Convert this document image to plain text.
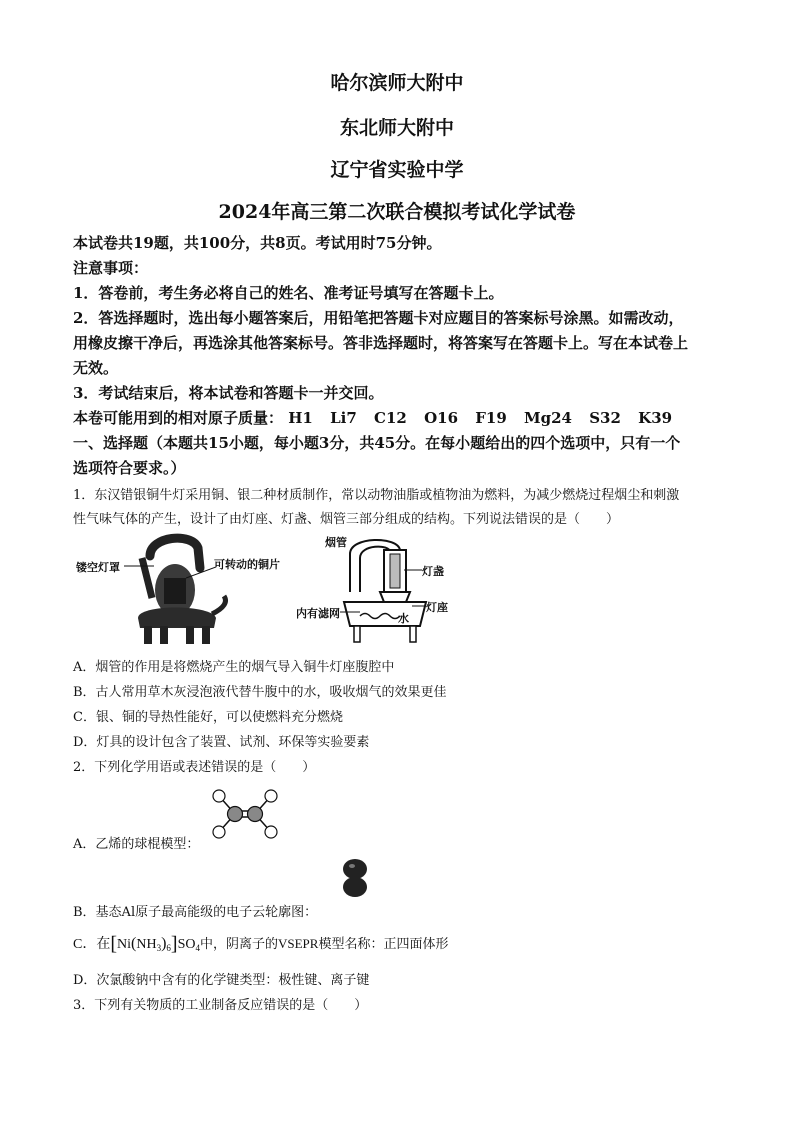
哈尔滨师大附中
东北师大附中
辽宁省实验中学
2024年高三第二次联合模拟考试化学试卷
本试卷共19题，共100分，共8页。考试用时75分钟。
注意事项：
1．答卷前，考生务必将自己的姓名、准考证号填写在答题卡上。
2．答选择题时，选出每小题答案后，用铅笔把答题卡对应题目的答案标号涂黑。如需改动，
用橡皮擦干净后，再选涂其他答案标号。答非选择题时，将答案写在答题卡上。写在本试卷上
无效。
3．考试结束后，将本试卷和答题卡一并交回。
本卷可能用到的相对原子质量： H1 Li7 C12 O16 F19 Mg24 S32 K39
一、选择题（本题共15小题，每小题3分，共45分。在每小题给出的四个选项中，只有一个
选项符合要求。）
1．东汉错银铜牛灯采用铜、银二种材质制作，常以动物油脂或植物油为燃料，为减少燃烧过程烟尘和刺激
性气味气体的产生，设计了由灯座、灯盏、烟管三部分组成的结构。下列说法错误的是（　　）
镂空灯罩	可转动的铜片
烟管
灯盏
内有滤网	水
灯座
A．烟管的作用是将燃烧产生的烟气导入铜牛灯座腹腔中
B．古人常用草木灰浸泡液代替牛腹中的水，吸收烟气的效果更佳
C．银、铜的导热性能好，可以使燃料充分燃烧
D．灯具的设计包含了装置、试剂、环保等实验要素
2．下列化学用语或表述错误的是（　　）
A．乙烯的球棍模型：
B．基态Al原子最高能级的电子云轮廓图：
C．在$[Ni(NH_3)_6]SO_4$中，阴离子的VSEPR模型名称：正四面体形
D．次氯酸钠中含有的化学键类型：极性键、离子键
3．下列有关物质的工业制备反应错误的是（　　）
